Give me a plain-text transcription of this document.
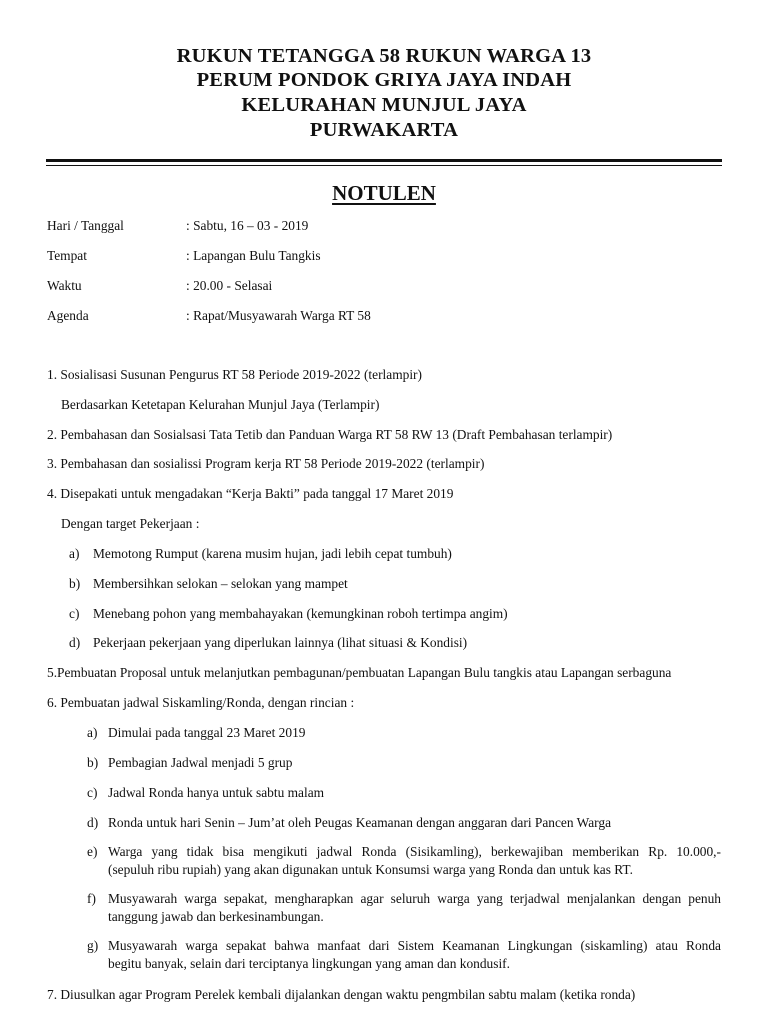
RUKUN TETANGGA 58 RUKUN WARGA 13
PERUM PONDOK GRIYA JAYA INDAH
KELURAHAN MUNJUL JAYA
PURWAKARTA
NOTULEN
Hari / Tanggal	: Sabtu, 16 – 03 - 2019
Tempat	: Lapangan Bulu Tangkis
Waktu	: 20.00 - Selasai
Agenda	: Rapat/Musyawarah Warga RT 58
1. Sosialisasi Susunan Pengurus RT 58 Periode 2019-2022 (terlampir)
Berdasarkan Ketetapan Kelurahan Munjul Jaya (Terlampir)
2. Pembahasan dan Sosialsasi Tata Tetib dan Panduan Warga RT 58 RW 13 (Draft Pembahasan terlampir)
3. Pembahasan dan sosialissi Program kerja RT 58 Periode 2019-2022 (terlampir)
4. Disepakati untuk mengadakan “Kerja Bakti” pada tanggal 17 Maret 2019
Dengan target Pekerjaan :
a) Memotong Rumput (karena musim hujan, jadi lebih cepat tumbuh)
b) Membersihkan selokan – selokan yang mampet
c) Menebang pohon yang membahayakan (kemungkinan roboh tertimpa angim)
d) Pekerjaan pekerjaan yang diperlukan lainnya (lihat situasi & Kondisi)
5.Pembuatan Proposal untuk melanjutkan pembagunan/pembuatan Lapangan Bulu tangkis atau Lapangan serbaguna
6. Pembuatan jadwal Siskamling/Ronda, dengan rincian :
a) Dimulai pada tanggal 23 Maret 2019
b) Pembagian Jadwal menjadi 5 grup
c) Jadwal Ronda hanya untuk sabtu malam
d) Ronda untuk hari Senin – Jum’at oleh Peugas Keamanan dengan anggaran dari Pancen Warga
e) Warga yang tidak bisa mengikuti jadwal Ronda (Sisikamling), berkewajiban memberikan Rp. 10.000,-
(sepuluh ribu rupiah) yang akan digunakan untuk Konsumsi warga yang Ronda dan untuk kas RT.
f) Musyawarah warga sepakat, mengharapkan agar seluruh warga yang terjadwal menjalankan dengan penuh
tanggung jawab dan berkesinambungan.
g) Musyawarah warga sepakat bahwa manfaat dari Sistem Keamanan Lingkungan (siskamling) atau Ronda
begitu banyak, selain dari terciptanya lingkungan yang aman dan kondusif.
7. Diusulkan agar Program Perelek kembali dijalankan dengan waktu pengmbilan sabtu malam (ketika ronda)
